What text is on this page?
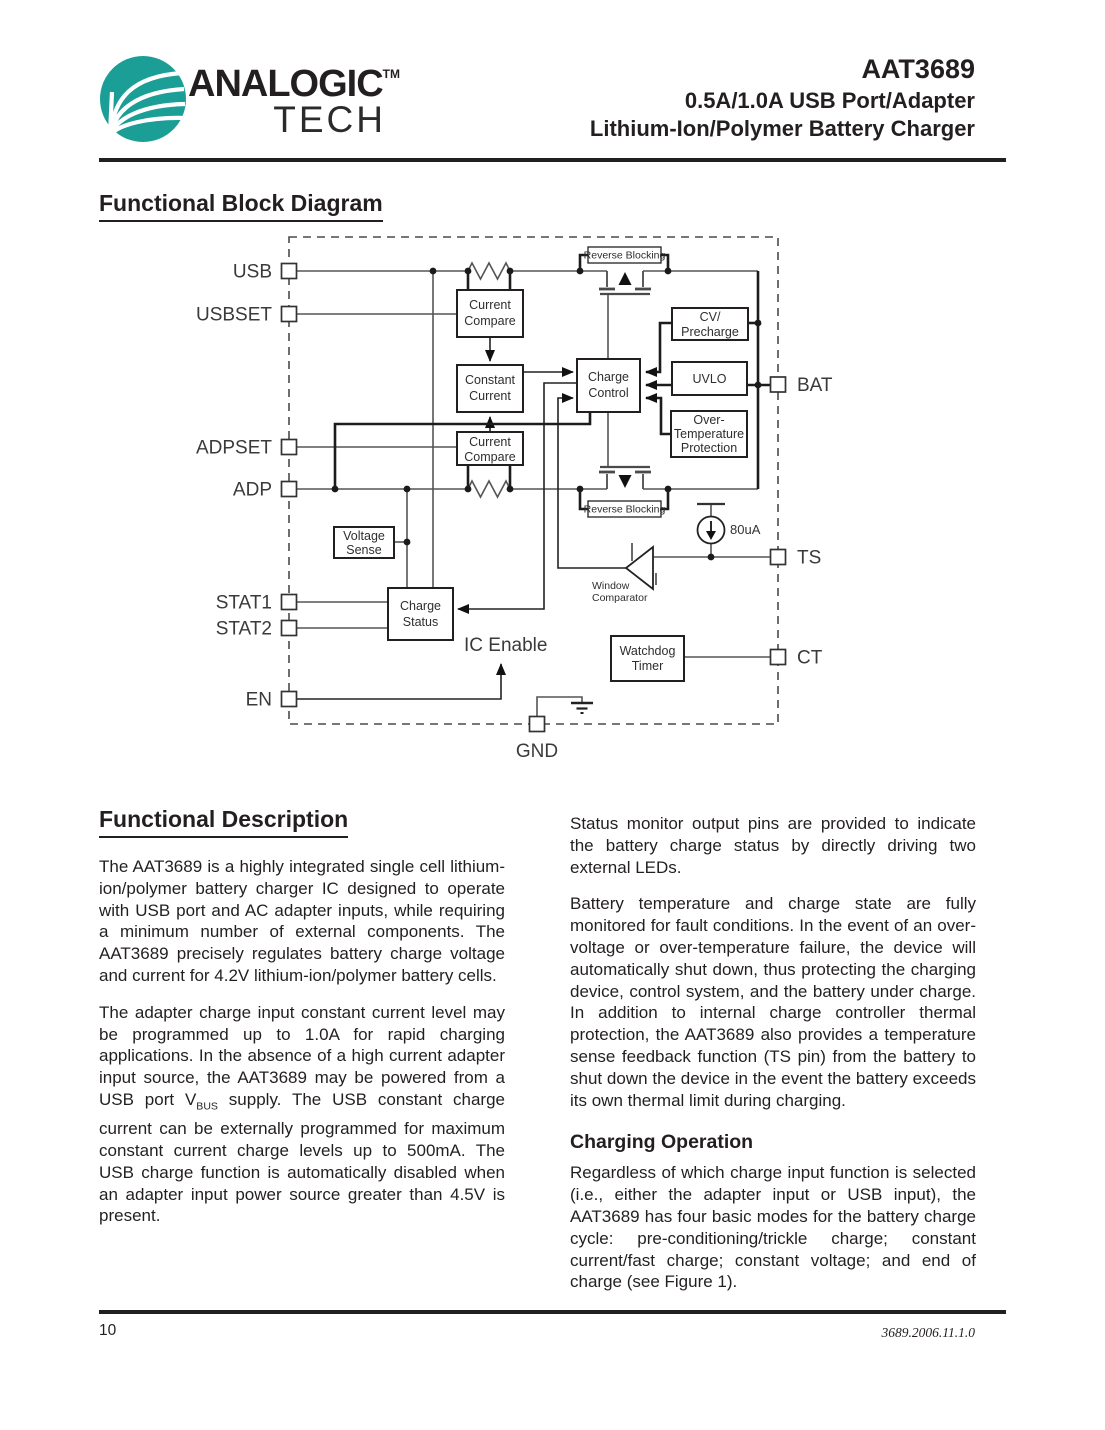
ANALOGIC™
TECH
AAT3689
0.5A/1.0A USB Port/Adapter
Lithium-Ion/Polymer Battery Charger
Functional Block Diagram
Reverse Blocking
Reverse Blocking
Current
Compare
Constant
Current
Current
Compare
Charge
Control
CV/
Precharge
UVLO
Over-
Temperature
Protection
Voltage
Sense
Charge
Status
Watchdog
Timer
Window
Comparator
80uA
IC Enable
USB
USBSET
ADPSET
ADP
STAT1
STAT2
EN
BAT
TS
CT
GND
Functional Description

The AAT3689 is a highly integrated single cell lithium-ion/polymer battery charger IC designed to operate with USB port and AC adapter inputs, while requiring a minimum number of external components. The AAT3689 precisely regulates battery charge voltage and current for 4.2V lithium-ion/polymer battery cells.

The adapter charge input constant current level may be programmed up to 1.0A for rapid charging applications. In the absence of a high current adapter input source, the AAT3689 may be powered from a USB port $V_{BUS}$ supply. The USB constant charge current can be externally programmed for maximum constant current charge levels up to 500mA. The USB charge function is automatically disabled when an adapter input power source greater than 4.5V is present.

Status monitor output pins are provided to indicate the battery charge status by directly driving two external LEDs.

Battery temperature and charge state are fully monitored for fault conditions. In the event of an over-voltage or over-temperature failure, the device will automatically shut down, thus protecting the charging device, control system, and the battery under charge. In addition to internal charge controller thermal protection, the AAT3689 also provides a temperature sense feedback function (TS pin) from the battery to shut down the device in the event the battery exceeds its own thermal limit during charging.

Charging Operation

Regardless of which charge input function is selected (i.e., either the adapter input or USB input), the AAT3689 has four basic modes for the battery charge cycle: pre-conditioning/trickle charge; constant current/fast charge; constant voltage; and end of charge (see Figure 1).

10	3689.2006.11.1.0
